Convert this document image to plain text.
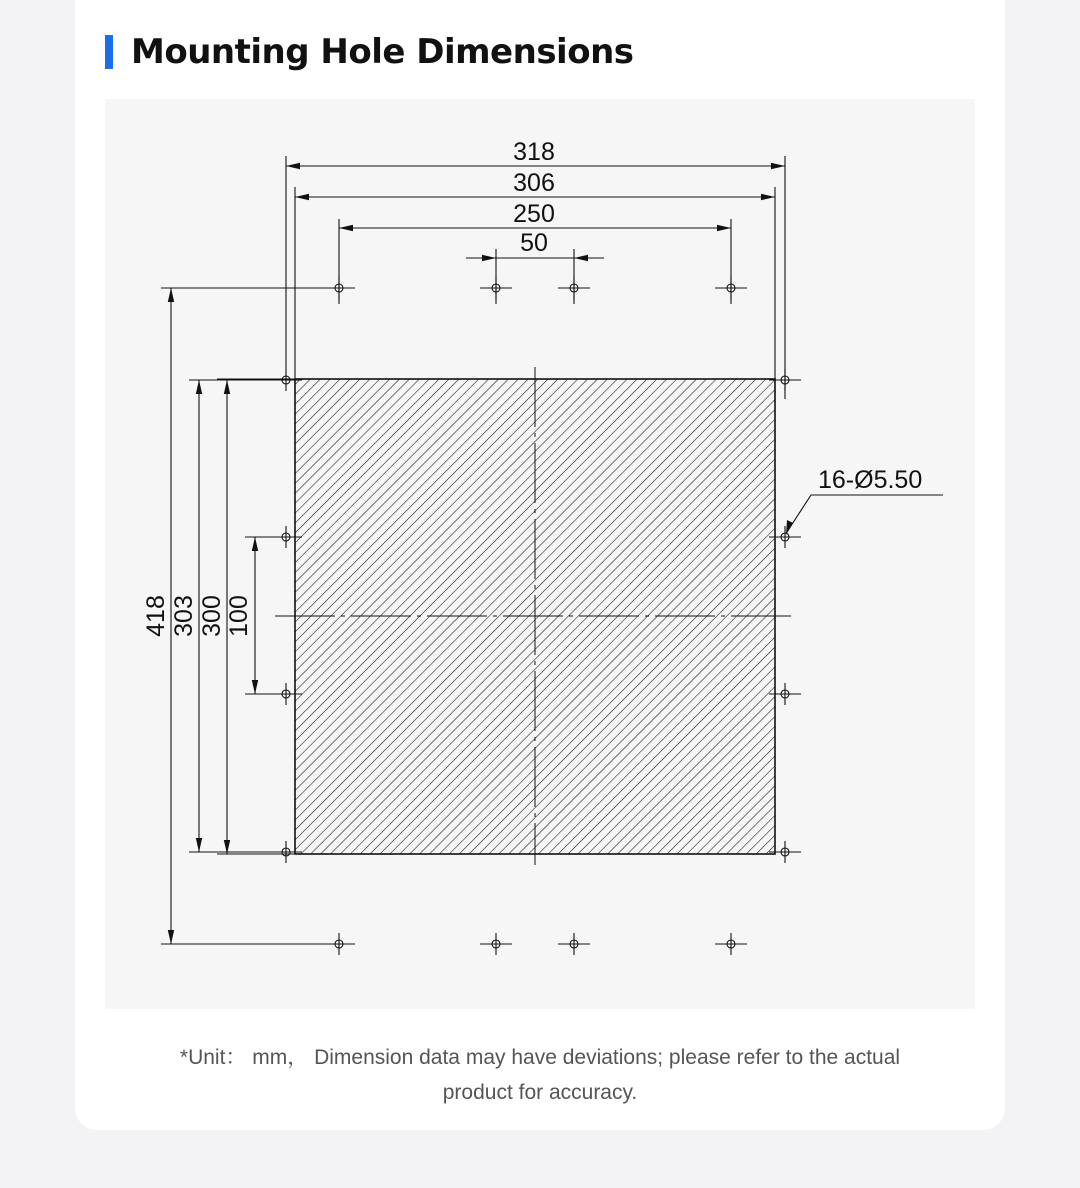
Mounting Hole Dimensions
318
306
250
50
418 303 300 100
16-Ø5.50
*Unit： mm， Dimension data may have deviations; please refer to the actual
product for accuracy.
